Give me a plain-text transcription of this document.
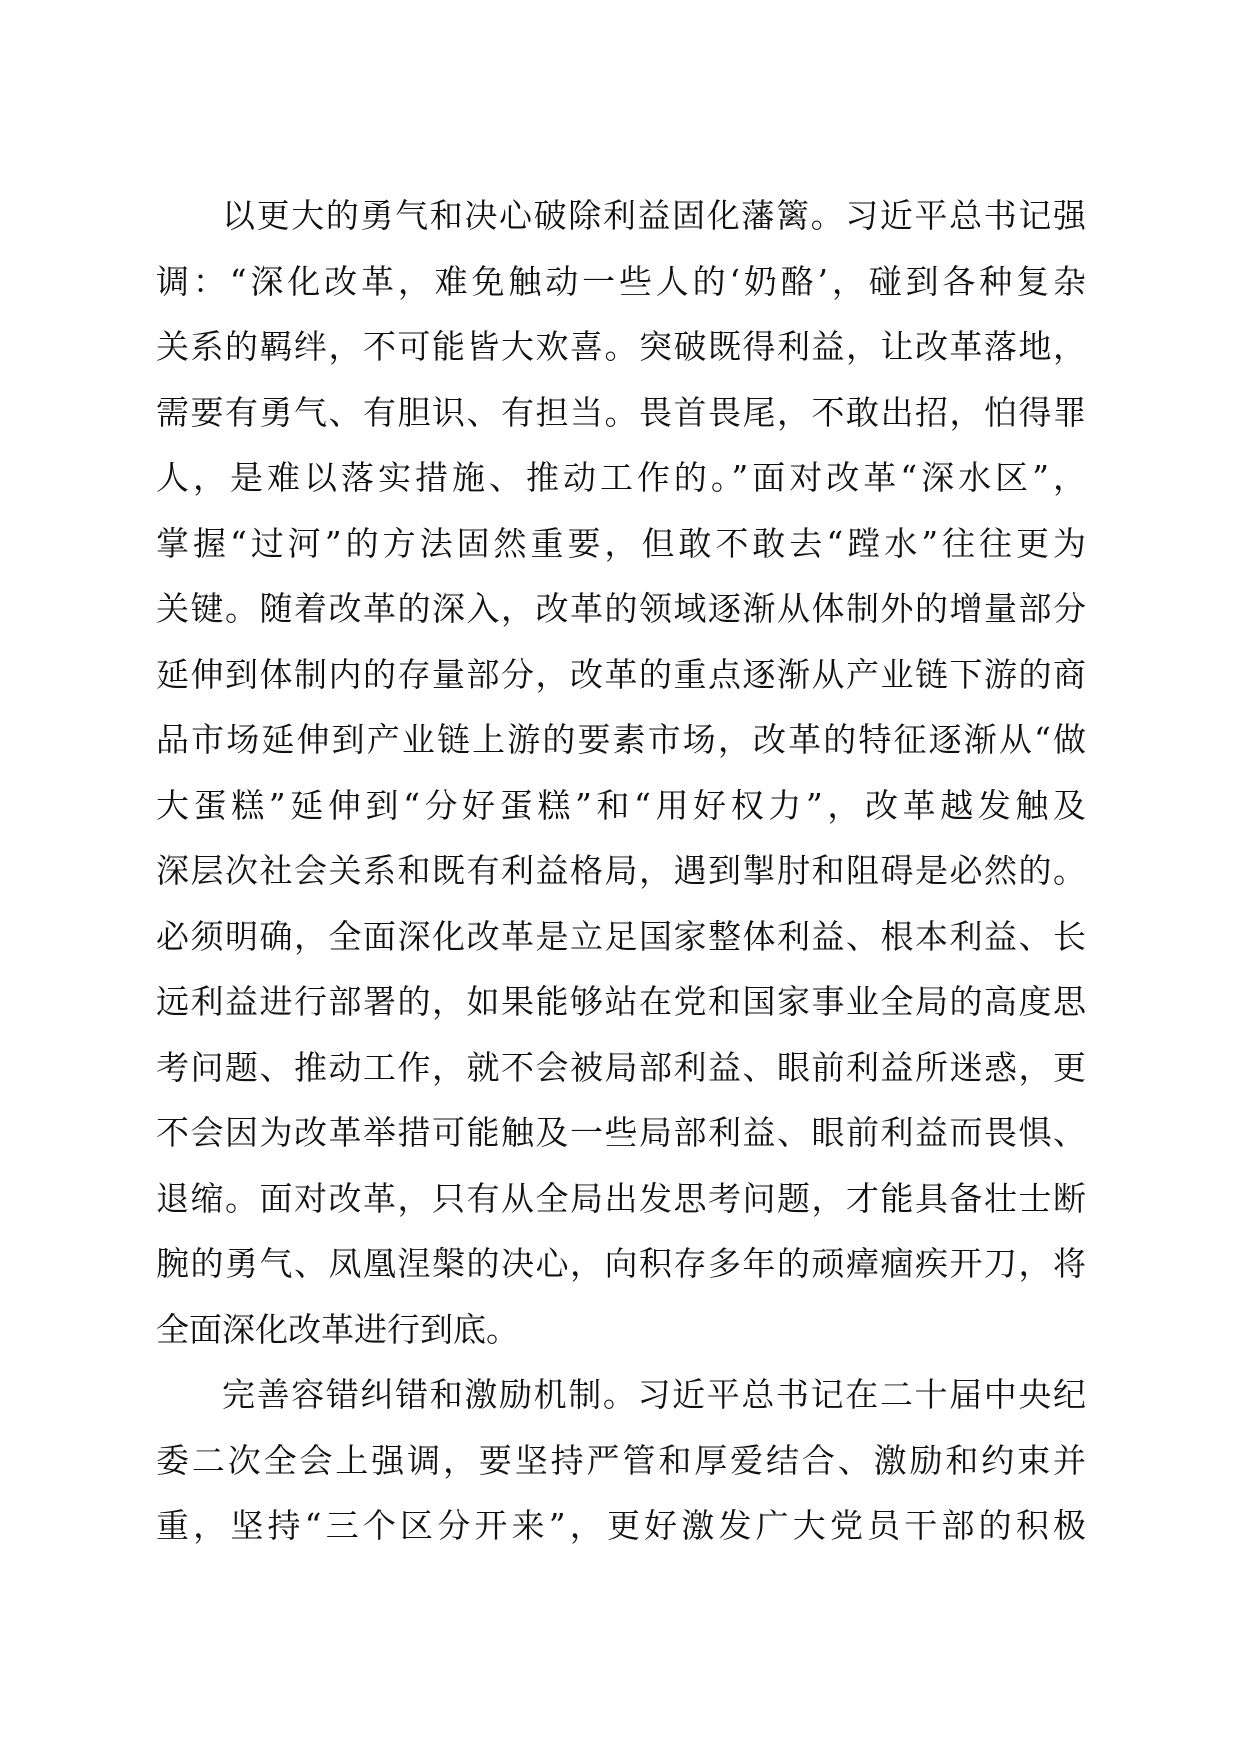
以更大的勇气和决心破除利益固化藩篱。习近平总书记强
调：“深化改革，难免触动一些人的‘奶酪’，碰到各种复杂
关系的羁绊，不可能皆大欢喜。突破既得利益，让改革落地，
需要有勇气、有胆识、有担当。畏首畏尾，不敢出招，怕得罪
人，是难以落实措施、推动工作的。”面对改革“深水区”，
掌握“过河”的方法固然重要，但敢不敢去“蹚水”往往更为
关键。随着改革的深入，改革的领域逐渐从体制外的增量部分
延伸到体制内的存量部分，改革的重点逐渐从产业链下游的商
品市场延伸到产业链上游的要素市场，改革的特征逐渐从“做
大蛋糕”延伸到“分好蛋糕”和“用好权力”，改革越发触及
深层次社会关系和既有利益格局，遇到掣肘和阻碍是必然的。
必须明确，全面深化改革是立足国家整体利益、根本利益、长
远利益进行部署的，如果能够站在党和国家事业全局的高度思
考问题、推动工作，就不会被局部利益、眼前利益所迷惑，更
不会因为改革举措可能触及一些局部利益、眼前利益而畏惧、
退缩。面对改革，只有从全局出发思考问题，才能具备壮士断
腕的勇气、凤凰涅槃的决心，向积存多年的顽瘴痼疾开刀，将
全面深化改革进行到底。
完善容错纠错和激励机制。习近平总书记在二十届中央纪
委二次全会上强调，要坚持严管和厚爱结合、激励和约束并
重，坚持“三个区分开来”，更好激发广大党员干部的积极
